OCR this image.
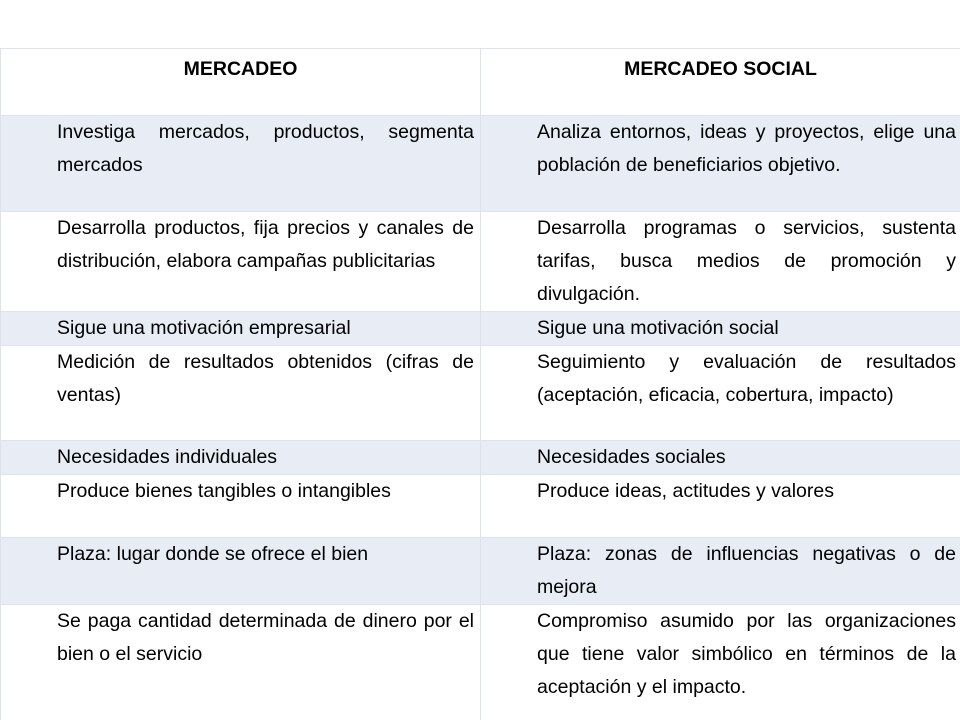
MERCADEO	MERCADEO SOCIAL
Investiga mercados, productos, segmenta mercados	Analiza entornos, ideas y proyectos, elige una población de beneficiarios objetivo.
Desarrolla productos, fija precios y canales de distribución, elabora campañas publicitarias	Desarrolla programas o servicios, sustenta tarifas, busca medios de promoción y divulgación.
Sigue una motivación empresarial	Sigue una motivación social
Medición de resultados obtenidos (cifras de ventas)	Seguimiento y evaluación de resultados (aceptación, eficacia, cobertura, impacto)
Necesidades individuales	Necesidades sociales
Produce bienes tangibles o intangibles	Produce ideas, actitudes y valores
Plaza: lugar donde se ofrece el bien	Plaza: zonas de influencias negativas o de mejora
Se paga cantidad determinada de dinero por el bien o el servicio	Compromiso asumido por las organizaciones que tiene valor simbólico en términos de la aceptación y el impacto.
